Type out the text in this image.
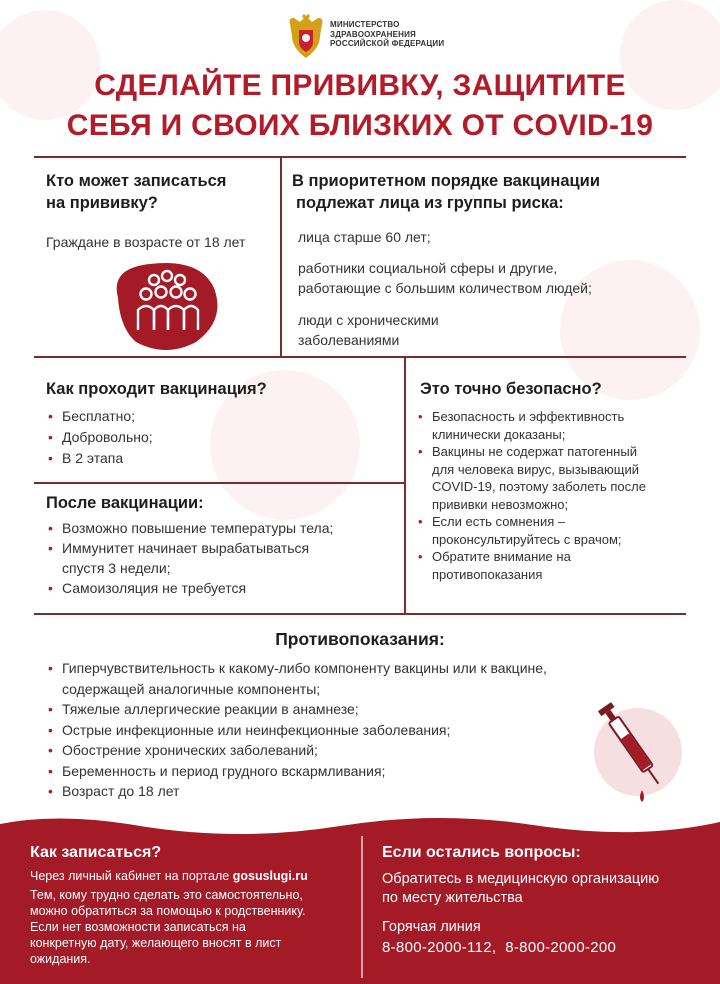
МИНИСТЕРСТВО
ЗДРАВООХРАНЕНИЯ
РОССИЙСКОЙ ФЕДЕРАЦИИ
СДЕЛАЙТЕ ПРИВИВКУ, ЗАЩИТИТЕ
СЕБЯ И СВОИХ БЛИЗКИХ ОТ COVID-19
Кто может записаться
на прививку?
Граждане в возрасте от 18 лет
В приоритетном порядке вакцинации
подлежат лица из группы риска:
лица старше 60 лет;
работники социальной сферы и другие,
работающие с большим количеством людей;
люди с хроническими
заболеваниями
Как проходит вакцинация?
• Бесплатно;
• Добровольно;
• В 2 этапа
После вакцинации:
• Возможно повышение температуры тела;
• Иммунитет начинает вырабатываться
спустя 3 недели;
• Самоизоляция не требуется
Это точно безопасно?
• Безопасность и эффективность
клинически доказаны;
• Вакцины не содержат патогенный
для человека вирус, вызывающий
COVID-19, поэтому заболеть после
прививки невозможно;
• Если есть сомнения –
проконсультируйтесь с врачом;
• Обратите внимание на
противопоказания
Противопоказания:
• Гиперчувствительность к какому-либо компоненту вакцины или к вакцине,
содержащей аналогичные компоненты;
• Тяжелые аллергические реакции в анамнезе;
• Острые инфекционные или неинфекционные заболевания;
• Обострение хронических заболеваний;
• Беременность и период грудного вскармливания;
• Возраст до 18 лет
Как записаться?
Через личный кабинет на портале gosuslugi.ru
Тем, кому трудно сделать это самостоятельно,
можно обратиться за помощью к родственнику.
Если нет возможности записаться на
конкретную дату, желающего вносят в лист
ожидания.
Если остались вопросы:
Обратитесь в медицинскую организацию
по месту жительства
Горячая линия
8-800-2000-112,  8-800-2000-200
